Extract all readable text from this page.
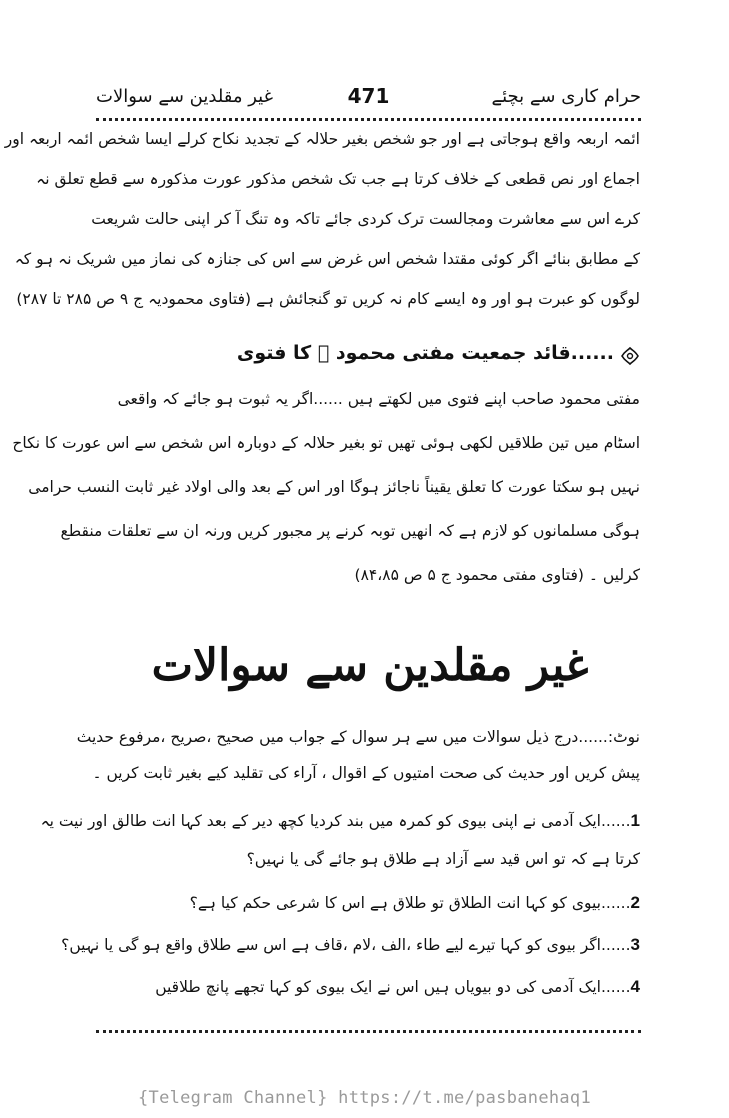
حرام کاری سے بچئے
471
غیر مقلدین سے سوالات
ائمہ اربعہ واقع ہوجاتی ہے اور جو شخص بغیر حلالہ کے تجدید نکاح کرلے ایسا شخص ائمہ اربعہ اور
اجماع اور نص قطعی کے خلاف کرتا ہے جب تک شخص مذکور عورت مذکورہ سے قطع تعلق نہ
کرے اس سے معاشرت ومجالست ترک کردی جائے تاکہ وہ تنگ آ کر اپنی حالت شریعت
کے مطابق بنائے اگر کوئی مقتدا شخص اس غرض سے اس کی جنازہ کی نماز میں شریک نہ ہو کہ
لوگوں کو عبرت ہو اور وہ ایسے کام نہ کریں تو گنجائش ہے (فتاوی محمودیہ ج ۹ ص ۲۸۵ تا ۲۸۷)
......قائد جمعیت مفتی محمود ﷫ کا فتوی
مفتی محمود صاحب اپنے فتوی میں لکھتے ہیں ......اگر یہ ثبوت ہو جائے کہ واقعی
اسٹام میں تین طلاقیں لکھی ہوئی تھیں تو بغیر حلالہ کے دوبارہ اس شخص سے اس عورت کا نکاح
نہیں ہو سکتا عورت کا تعلق یقیناً ناجائز ہوگا اور اس کے بعد والی اولاد غیر ثابت النسب حرامی
ہوگی مسلمانوں کو لازم ہے کہ انھیں توبہ کرنے پر مجبور کریں ورنہ ان سے تعلقات منقطع
کرلیں ۔ (فتاوی مفتی محمود ج ۵ ص ۸۴،۸۵)
غیر مقلدین سے سوالات
نوٹ:......درج ذیل سوالات میں سے ہر سوال کے جواب میں صحیح ،صریح ،مرفوع حدیث
پیش کریں اور حدیث کی صحت امتیوں کے اقوال ، آراء کی تقلید کیے بغیر ثابت کریں ۔
1......ایک آدمی نے اپنی بیوی کو کمرہ میں بند کردیا کچھ دیر کے بعد کہا انت طالق اور نیت یہ
کرتا ہے کہ تو اس قید سے آزاد ہے طلاق ہو جائے گی یا نہیں؟
2......بیوی کو کہا انت الطلاق تو طلاق ہے اس کا شرعی حکم کیا ہے؟
3......اگر بیوی کو کہا تیرے لیے طاء ،الف ،لام ،قاف ہے اس سے طلاق واقع ہو گی یا نہیں؟
4......ایک آدمی کی دو بیویاں ہیں اس نے ایک بیوی کو کہا تجھے پانچ طلاقیں
{Telegram Channel} https://t.me/pasbanehaq1
